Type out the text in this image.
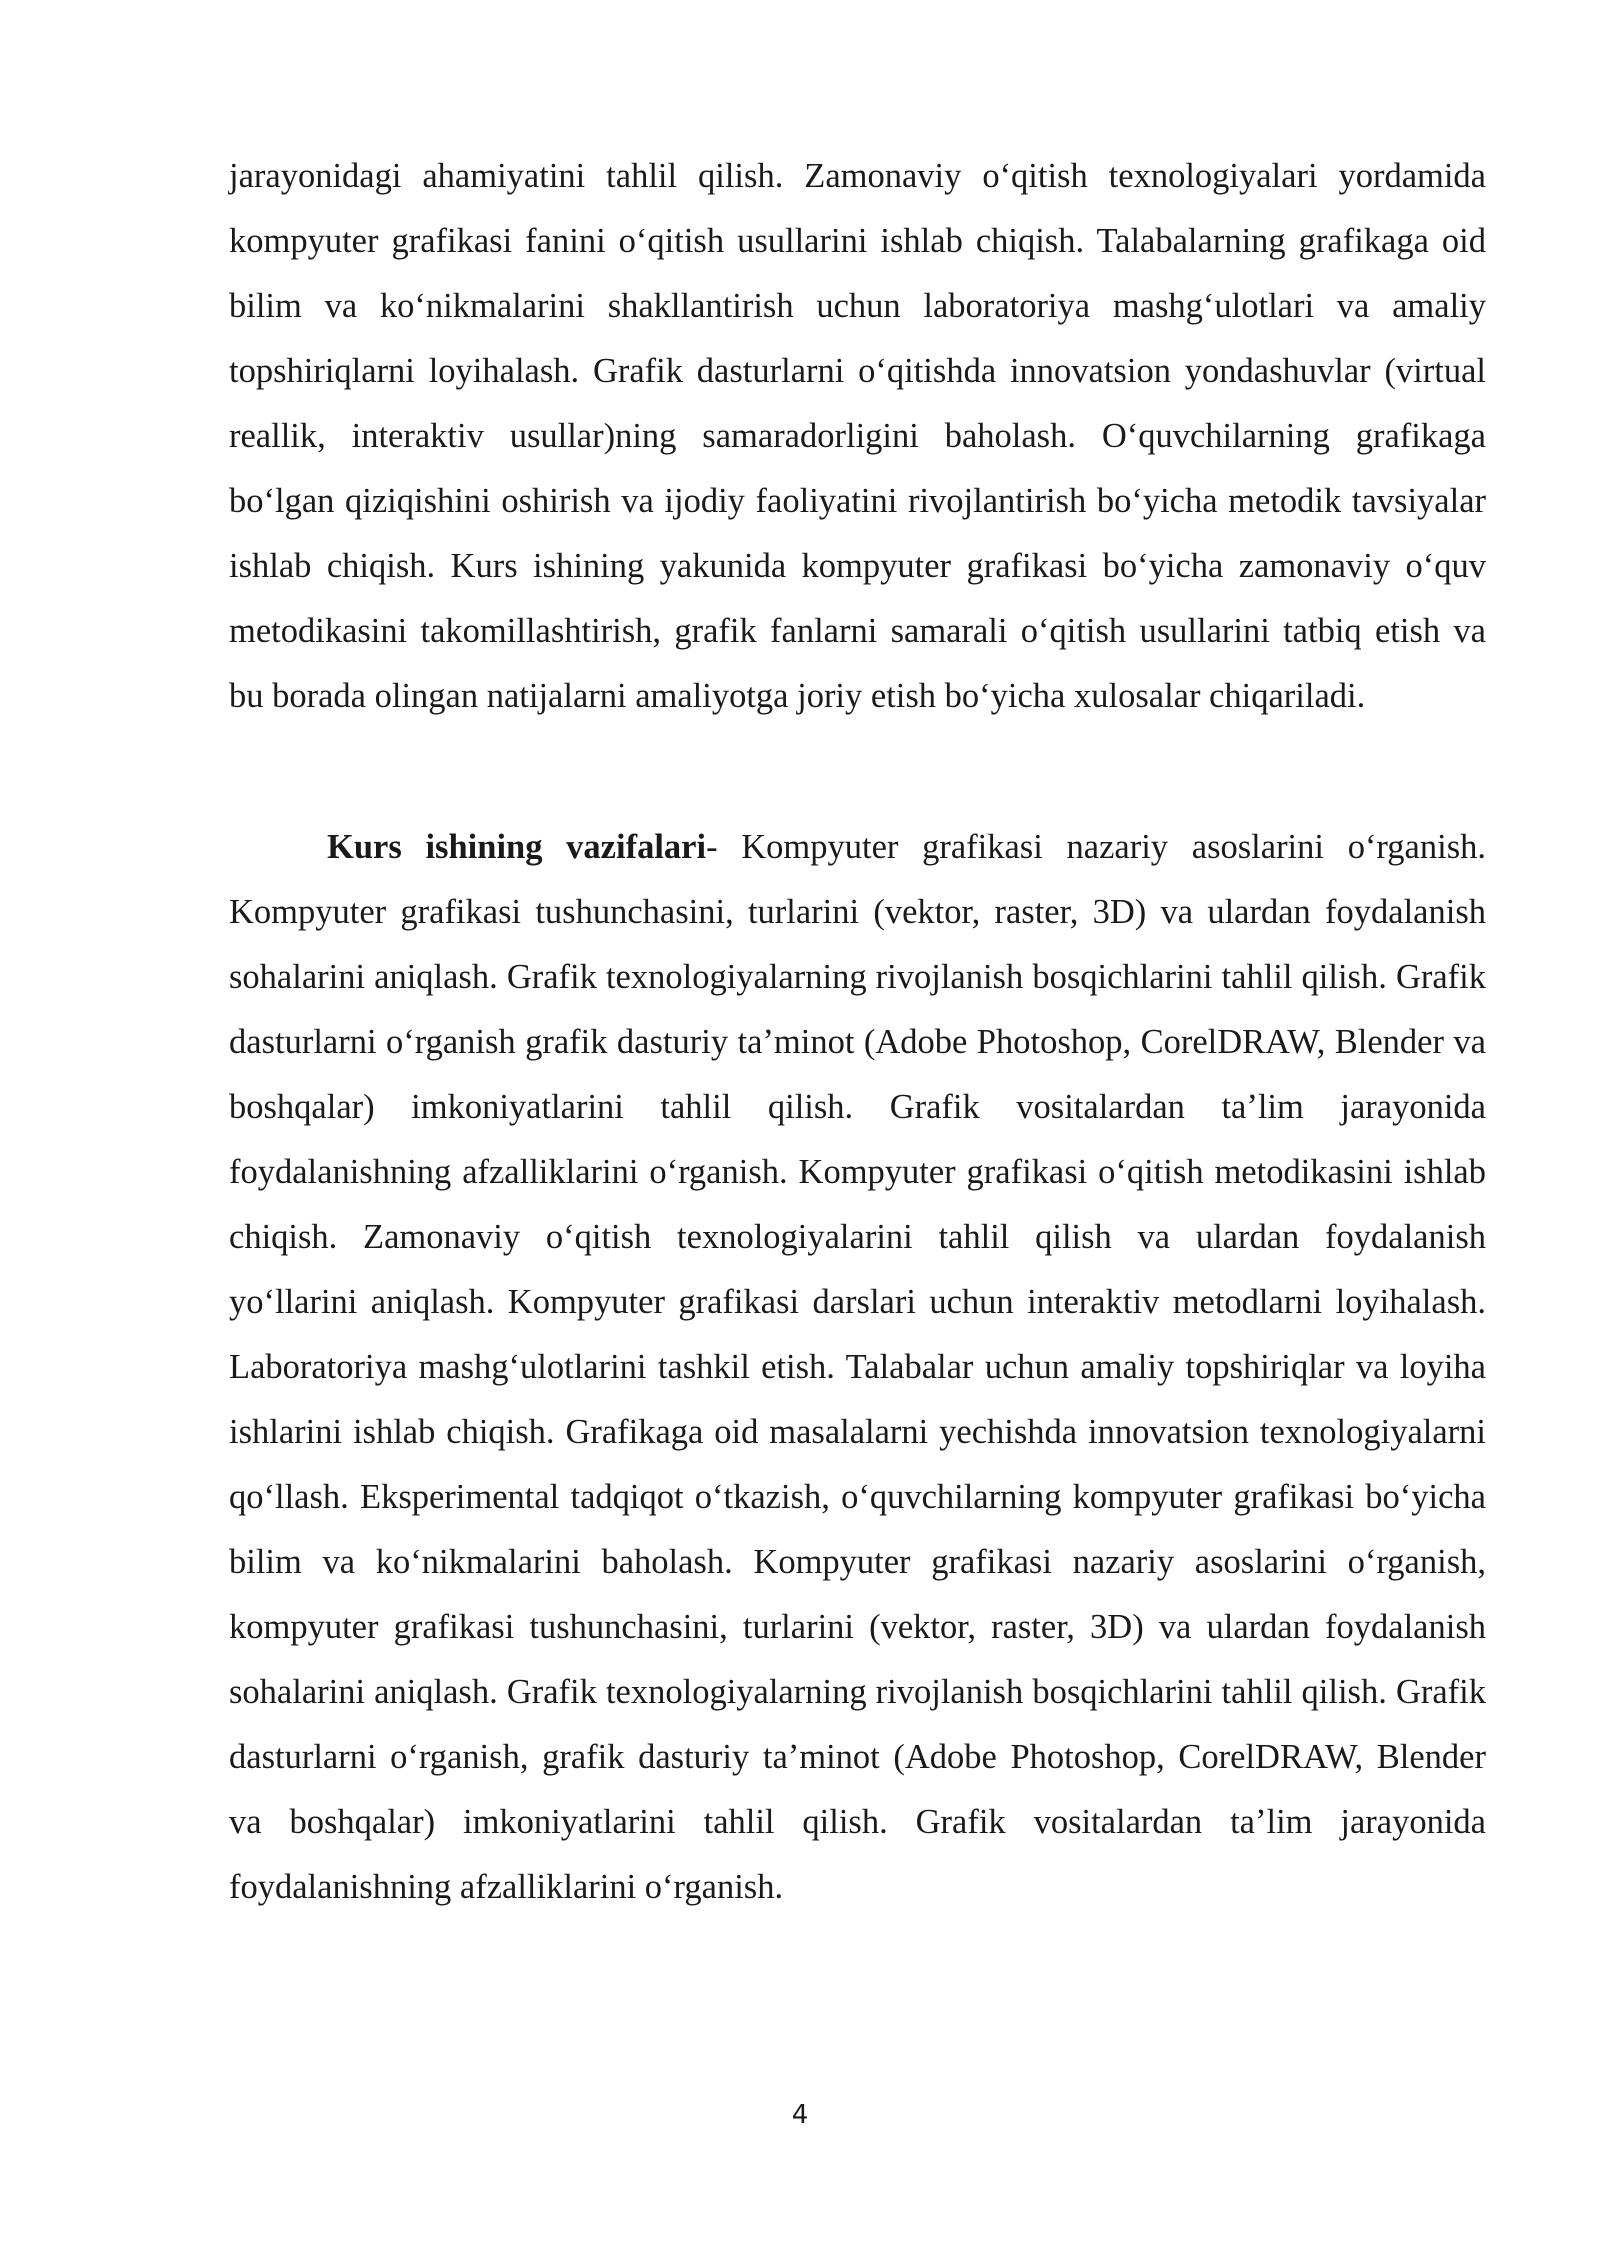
jarayonidagi ahamiyatini tahlil qilish. Zamonaviy oʻqitish texnologiyalari yordamida kompyuter grafikasi fanini oʻqitish usullarini ishlab chiqish. Talabalarning grafikaga oid bilim va koʻnikmalarini shakllantirish uchun laboratoriya mashgʻulotlari va amaliy topshiriqlarni loyihalash. Grafik dasturlarni oʻqitishda innovatsion yondashuvlar (virtual reallik, interaktiv usullar)ning samaradorligini baholash. Oʻquvchilarning grafikaga boʻlgan qiziqishini oshirish va ijodiy faoliyatini rivojlantirish boʻyicha metodik tavsiyalar ishlab chiqish. Kurs ishining yakunida kompyuter grafikasi boʻyicha zamonaviy oʻquv metodikasini takomillashtirish, grafik fanlarni samarali oʻqitish usullarini tatbiq etish va bu borada olingan natijalarni amaliyotga joriy etish boʻyicha xulosalar chiqariladi.

Kurs ishining vazifalari- Kompyuter grafikasi nazariy asoslarini oʻrganish. Kompyuter grafikasi tushunchasini, turlarini (vektor, raster, 3D) va ulardan foydalanish sohalarini aniqlash. Grafik texnologiyalarning rivojlanish bosqichlarini tahlil qilish. Grafik dasturlarni oʻrganish grafik dasturiy taʼminot (Adobe Photoshop, CorelDRAW, Blender va boshqalar) imkoniyatlarini tahlil qilish. Grafik vositalardan taʼlim jarayonida foydalanishning afzalliklarini oʻrganish. Kompyuter grafikasi oʻqitish metodikasini ishlab chiqish. Zamonaviy oʻqitish texnologiyalarini tahlil qilish va ulardan foydalanish yoʻllarini aniqlash. Kompyuter grafikasi darslari uchun interaktiv metodlarni loyihalash. Laboratoriya mashgʻulotlarini tashkil etish. Talabalar uchun amaliy topshiriqlar va loyiha ishlarini ishlab chiqish. Grafikaga oid masalalarni yechishda innovatsion texnologiyalarni qoʻllash. Eksperimental tadqiqot oʻtkazish, oʻquvchilarning kompyuter grafikasi boʻyicha bilim va koʻnikmalarini baholash. Kompyuter grafikasi nazariy asoslarini oʻrganish, kompyuter grafikasi tushunchasini, turlarini (vektor, raster, 3D) va ulardan foydalanish sohalarini aniqlash. Grafik texnologiyalarning rivojlanish bosqichlarini tahlil qilish. Grafik dasturlarni oʻrganish, grafik dasturiy taʼminot (Adobe Photoshop, CorelDRAW, Blender va boshqalar) imkoniyatlarini tahlil qilish. Grafik vositalardan taʼlim jarayonida foydalanishning afzalliklarini oʻrganish.

4
